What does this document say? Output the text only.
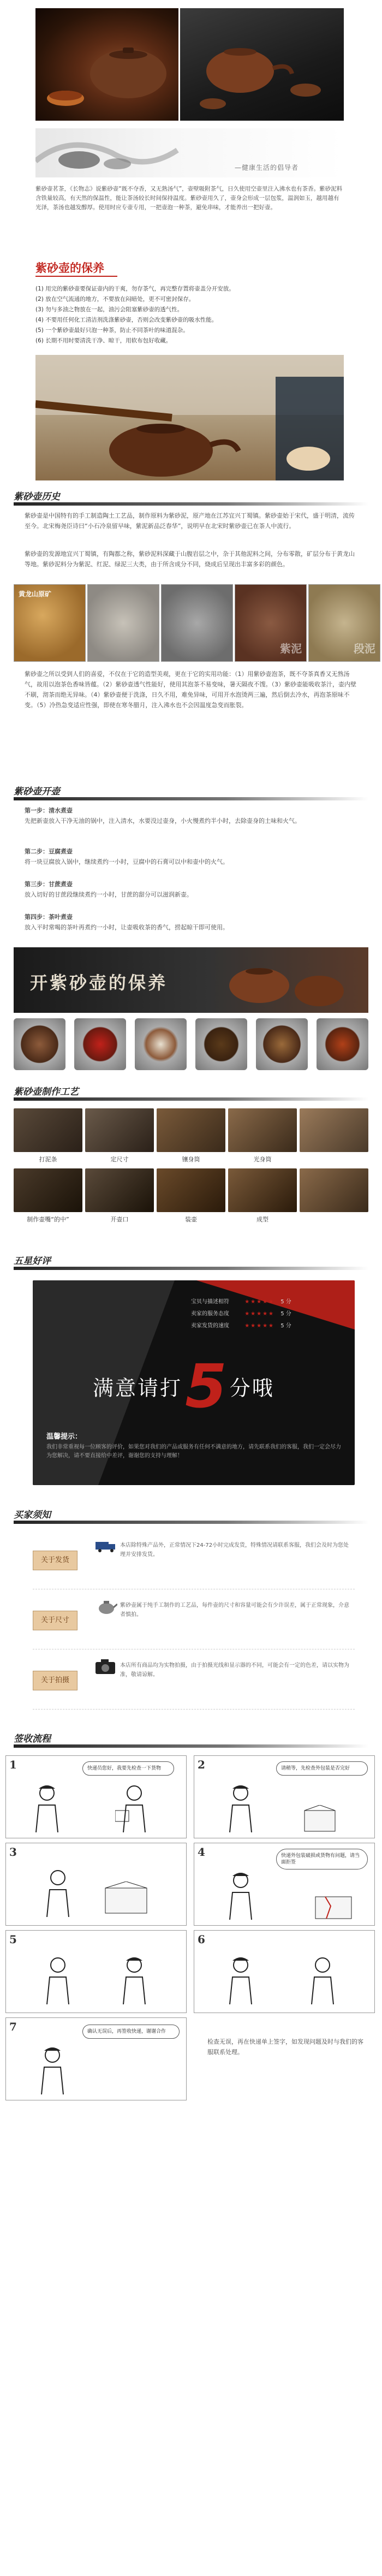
—健康生活的倡导者
紫砂壶茗茶，《长物志》说紫砂壶“既不夺香，又无熟汤气”，壶壁吸附茶气，日久使用空壶里注入沸水也有茶香。紫砂泥料含铁量较高，有天然的保温性，能让茶汤较长时间保持温度。紫砂壶用久了，壶身会形成一层包浆，温润如玉，越用越有光泽，茶汤也越发醇厚。使用时应专壶专用，一把壶泡一种茶，避免串味，才能养出一把好壶。
紫砂壶的保养
(1) 用完的紫砂壶要保证壶内的干爽，勿存茶气，再完整存置将壶盖分开安放。
(2) 放在空气流通的地方，不要放在闷暗处，更不可密封保存。
(3) 勿与多油之物放在一起，油污会阻塞紫砂壶的透气性。
(4) 不要用任何化工清洁剂洗涤紫砂壶，否则会改变紫砂壶的吸水性能。
(5) 一个紫砂壶最好只泡一种茶，防止不同茶叶的味道混杂。
(6) 长期不用时要清洗干净、晾干，用软布包好收藏。
紫砂壶历史
紫砂壶是中国特有的手工制造陶土工艺品，制作原料为紫砂泥，原产地在江苏宜兴丁蜀镇。紫砂壶始于宋代，盛于明清，流传至今。北宋梅尧臣诗曰“小石冷泉留早味，紫泥新品泛春华”，说明早在北宋时紫砂壶已在茶人中流行。
紫砂壶的发源地宜兴丁蜀镇，有陶都之称，紫砂泥料深藏于山腹岩层之中，杂于其他泥料之间，分布零散，矿层分布于黄龙山等地。紫砂泥料分为紫泥、红泥、绿泥三大类，由于所含成分不同，烧成后呈现出丰富多彩的颜色。
黄龙山原矿
紫泥	段泥
紫砂壶之所以受到人们的喜爱，不仅在于它的造型美观，更在于它的实用功能：（1）用紫砂壶泡茶，既不夺茶真香又无熟汤气，故用以泡茶色香味皆蕴。（2）紫砂壶透气性能好，使用其泡茶不易变味，暑天隔夜不馊。（3）紫砂壶能吸收茶汁，壶内壁不刷，沏茶而绝无异味。（4）紫砂壶便于洗涤，日久不用，难免异味，可用开水泡烫两三遍，然后倒去冷水，再泡茶原味不变。（5）冷热急变适应性强，即使在寒冬腊月，注入沸水也不会因温度急变而胀裂。
紫砂壶开壶
第一步：清水煮壶
先把新壶放入干净无油的锅中，注入清水，水要没过壶身，小火慢煮约半小时，去除壶身的土味和火气。
第二步：豆腐煮壶
将一块豆腐放入锅中，继续煮约一小时，豆腐中的石膏可以中和壶中的火气。
第三步：甘蔗煮壶
放入切好的甘蔗段继续煮约一小时，甘蔗的甜分可以滋润新壶。
第四步：茶叶煮壶
放入平时常喝的茶叶再煮约一小时，让壶吸收茶的香气，捞起晾干即可使用。
开紫砂壶的保养
紫砂壶制作工艺
打泥条	定尺寸	镶身筒	光身筒
制作壶嘴“的中”	开壶口	装壶	成型
五星好评
宝贝与描述相符	★★★★★ 5 分
卖家的服务态度	★★★★★ 5 分
卖家发货的速度	★★★★★ 5 分
满意请打 5 分哦
温馨提示：
我们非常重视每一位顾客的评价，如果您对我们的产品或服务有任何不满意的地方，请先联系我们的客服，我们一定会尽力为您解决，请不要直接给中差评，谢谢您的支持与理解！
买家须知
关于发货
本店除特殊产品外，正常情况下24-72小时完成发货，特殊情况请联系客服，我们会及时为您处理并安排发货。
关于尺寸
紫砂壶属于纯手工制作的工艺品，每件壶的尺寸和容量可能会有少许误差，属于正常现象，介意者慎拍。
关于拍摄
本店所有商品均为实物拍摄，由于拍摄光线和显示器的不同，可能会有一定的色差，请以实物为准，敬请谅解。
签收流程
1	快递员您好，我要先检查一下货物	2	请稍等，先检查外包装是否完好
3	4	快递外包装破损或货物有问题，请当面拒签
5	6
7	确认无误后，再签收快递，谢谢合作
检查无误，再在快递单上签字，如发现问题及时与我们的客服联系处理。
